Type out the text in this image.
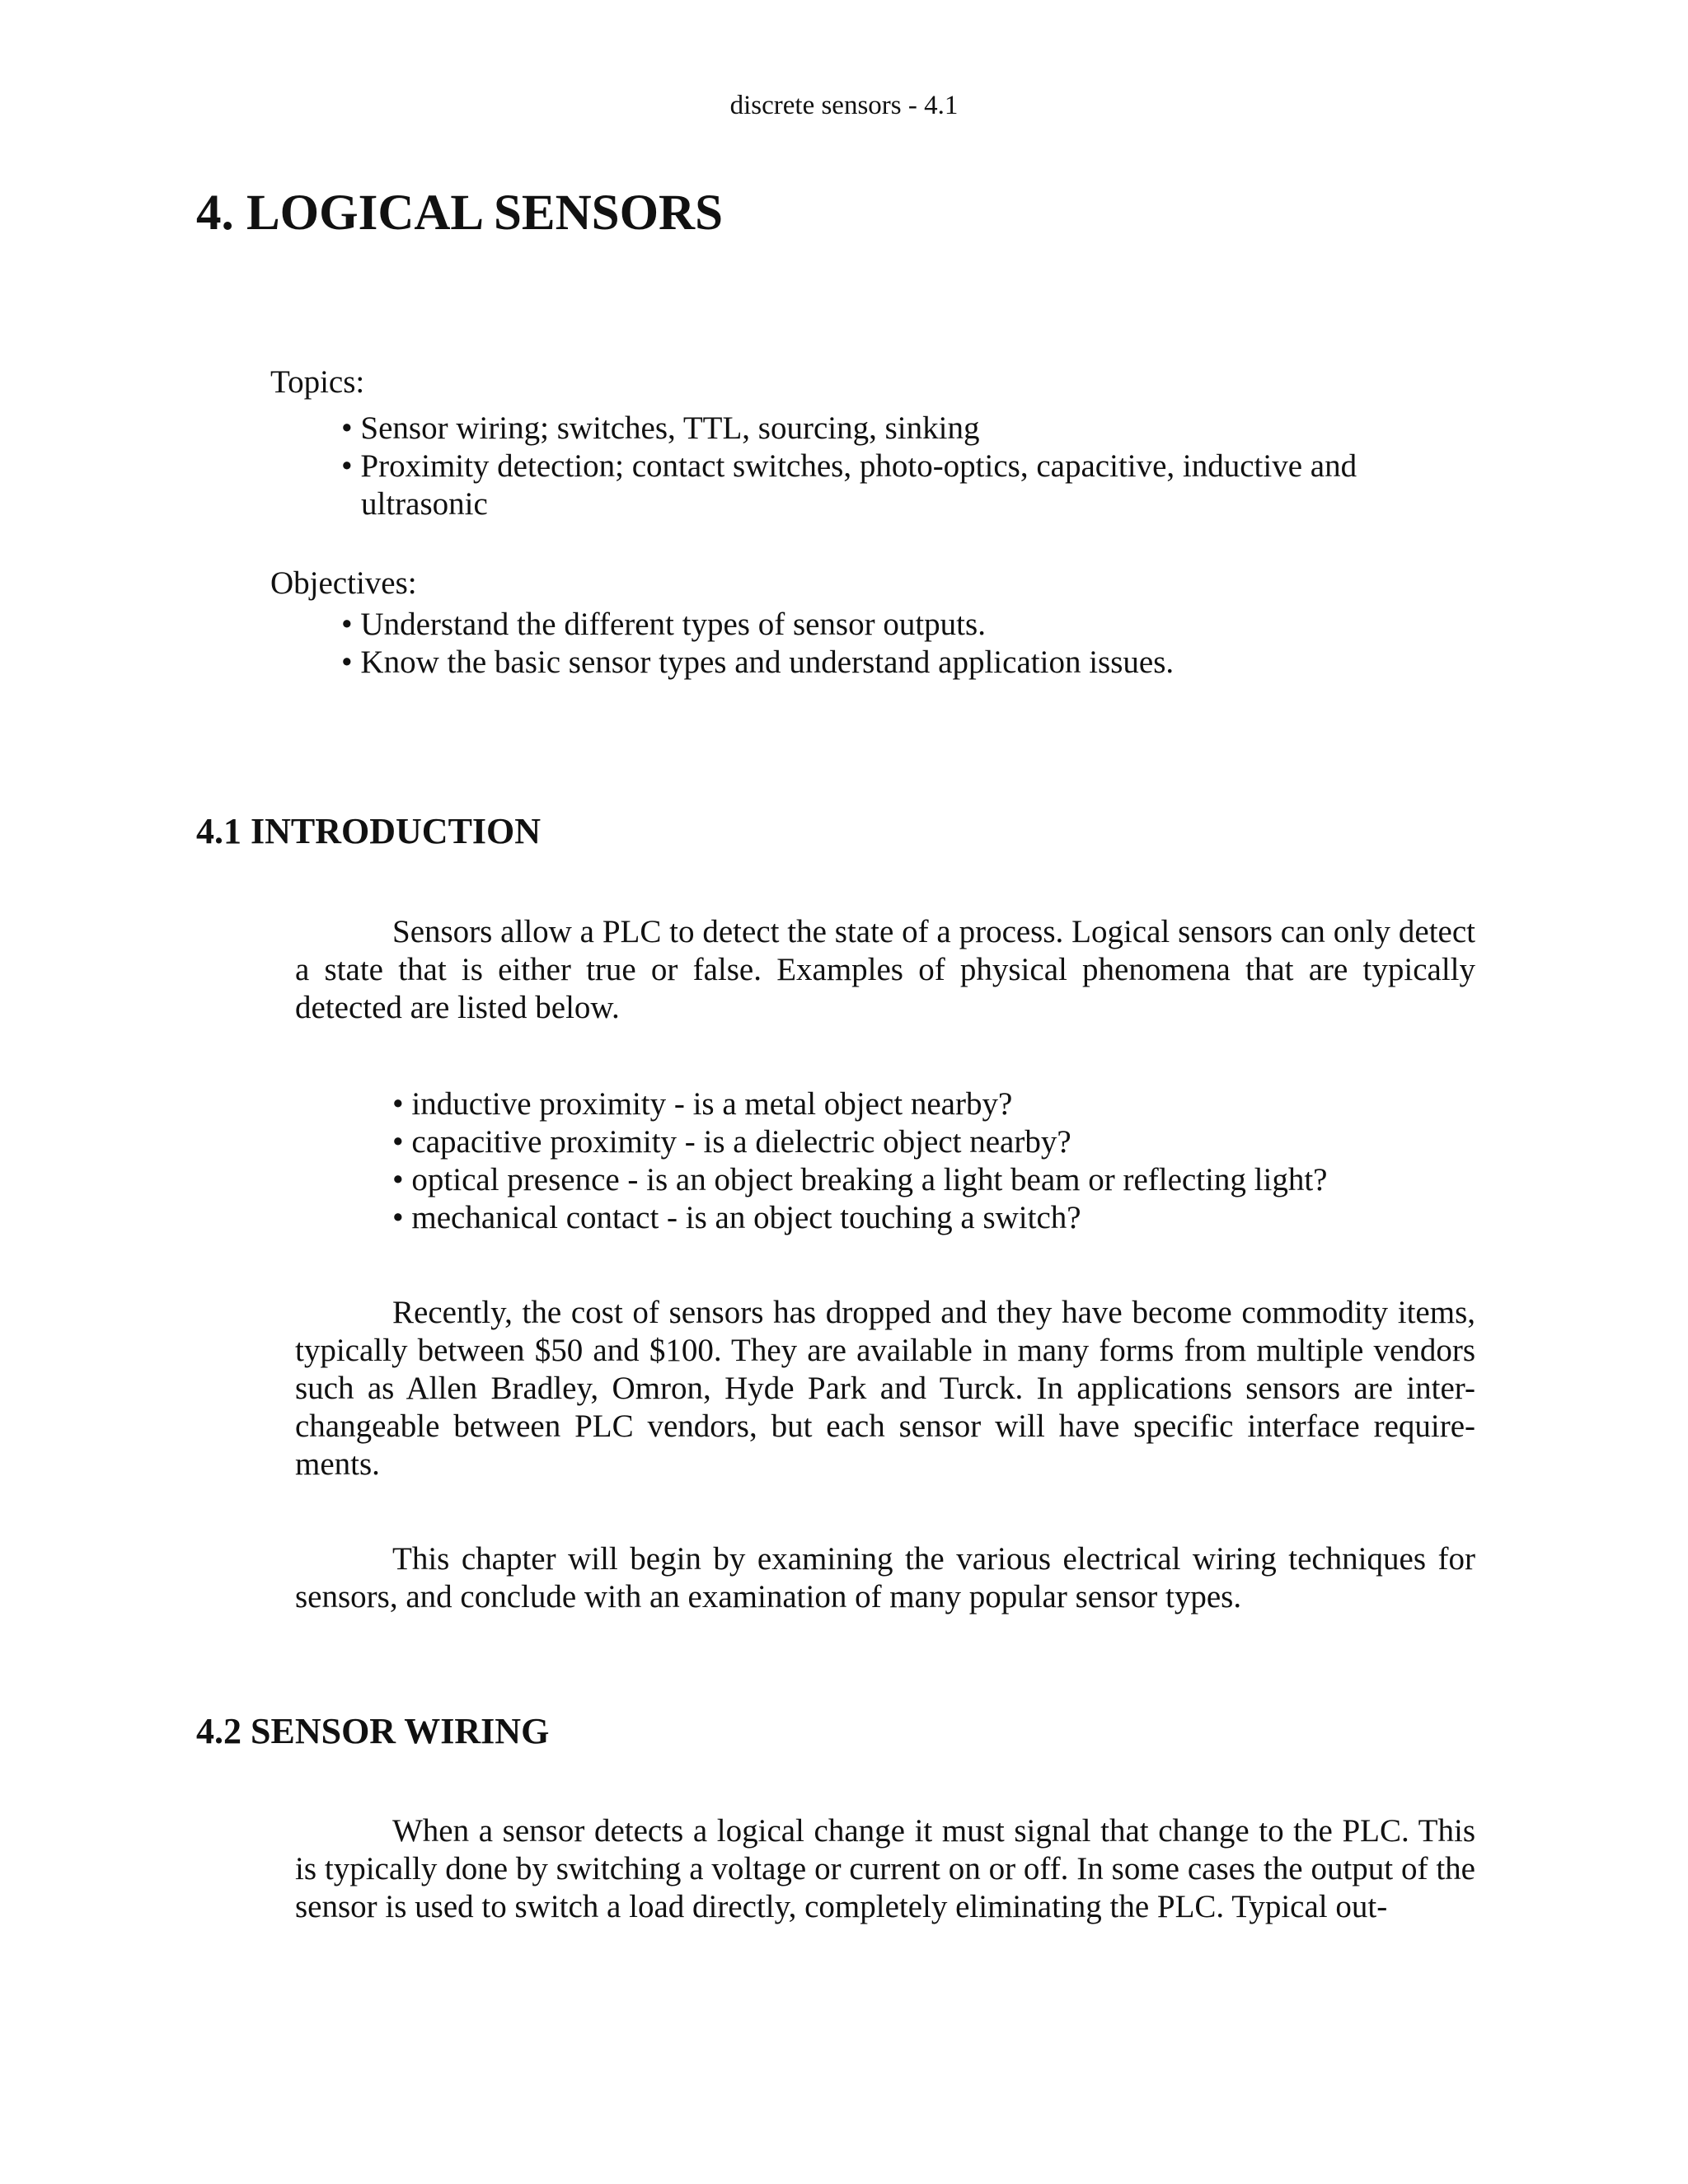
discrete sensors - 4.1
4. LOGICAL SENSORS
Topics:
• Sensor wiring; switches, TTL, sourcing, sinking
• Proximity detection; contact switches, photo-optics, capacitive, inductive and
ultrasonic
Objectives:
• Understand the different types of sensor outputs.
• Know the basic sensor types and understand application issues.
4.1 INTRODUCTION

Sensors allow a PLC to detect the state of a process. Logical sensors can only detect a state that is either true or false. Examples of physical phenomena that are typically detected are listed below.

• inductive proximity - is a metal object nearby?
• capacitive proximity - is a dielectric object nearby?
• optical presence - is an object breaking a light beam or reflecting light?
• mechanical contact - is an object touching a switch?

Recently, the cost of sensors has dropped and they have become commodity items, typically between $50 and $100. They are available in many forms from multiple vendors such as Allen Bradley, Omron, Hyde Park and Turck. In applications sensors are inter-changeable between PLC vendors, but each sensor will have specific interface require-ments.

This chapter will begin by examining the various electrical wiring techniques for sensors, and conclude with an examination of many popular sensor types.

4.2 SENSOR WIRING

When a sensor detects a logical change it must signal that change to the PLC. This is typically done by switching a voltage or current on or off. In some cases the output of the sensor is used to switch a load directly, completely eliminating the PLC. Typical out-
